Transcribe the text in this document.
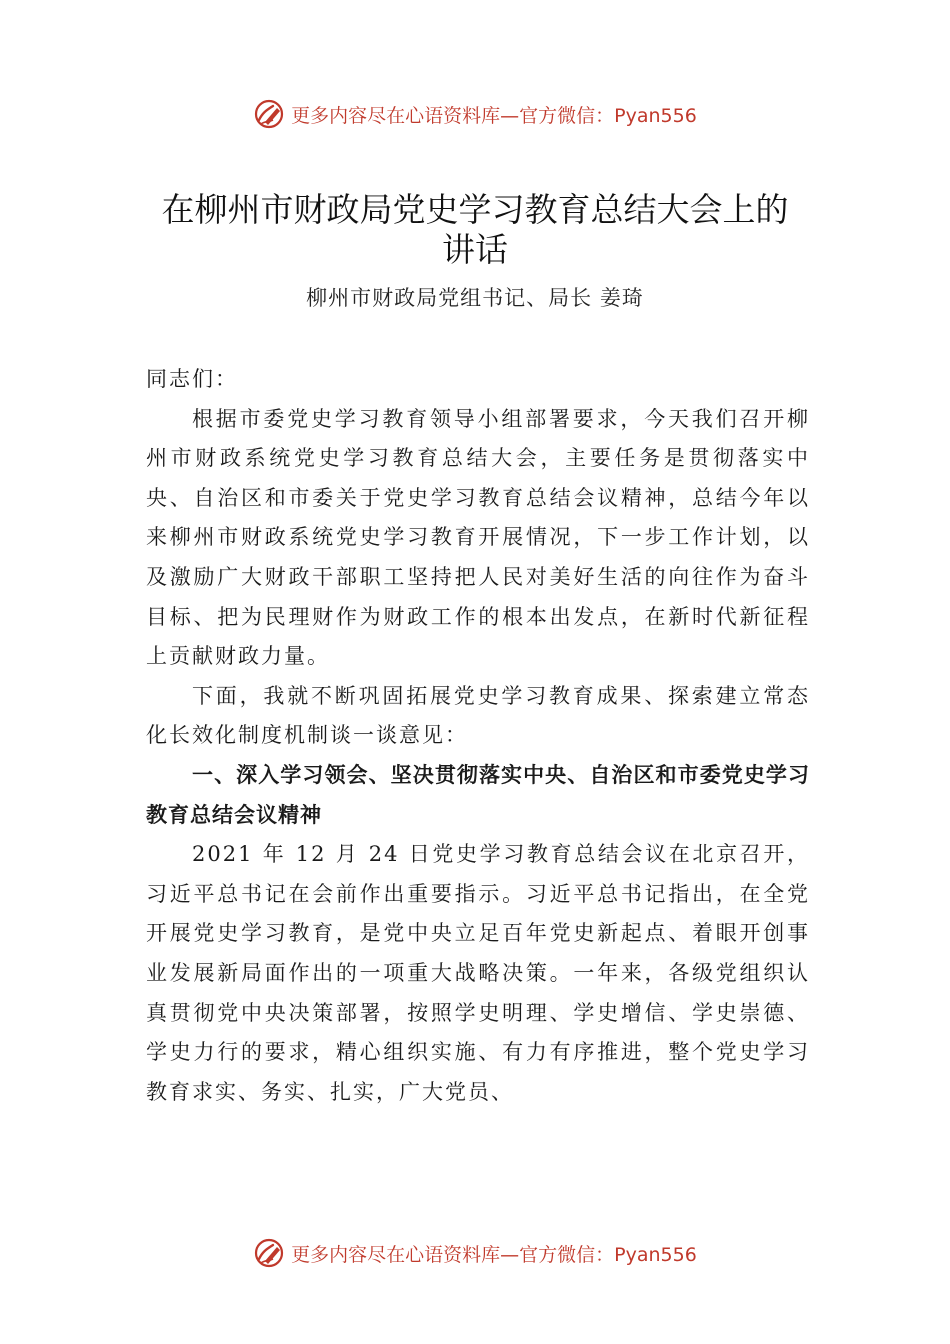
更多内容尽在心语资料库—官方微信：Pyan556
在柳州市财政局党史学习教育总结大会上的讲话
柳州市财政局党组书记、局长 姜琦

同志们：

根据市委党史学习教育领导小组部署要求，今天我们召开柳州市财政系统党史学习教育总结大会，主要任务是贯彻落实中央、自治区和市委关于党史学习教育总结会议精神，总结今年以来柳州市财政系统党史学习教育开展情况，下一步工作计划，以及激励广大财政干部职工坚持把人民对美好生活的向往作为奋斗目标、把为民理财作为财政工作的根本出发点，在新时代新征程上贡献财政力量。

下面，我就不断巩固拓展党史学习教育成果、探索建立常态化长效化制度机制谈一谈意见：

一、深入学习领会、坚决贯彻落实中央、自治区和市委党史学习教育总结会议精神

2021 年 12 月 24 日党史学习教育总结会议在北京召开，习近平总书记在会前作出重要指示。习近平总书记指出，在全党开展党史学习教育，是党中央立足百年党史新起点、着眼开创事业发展新局面作出的一项重大战略决策。一年来，各级党组织认真贯彻党中央决策部署，按照学史明理、学史增信、学史崇德、学史力行的要求，精心组织实施、有力有序推进，整个党史学习教育求实、务实、扎实，广大党员、

更多内容尽在心语资料库—官方微信：Pyan556
